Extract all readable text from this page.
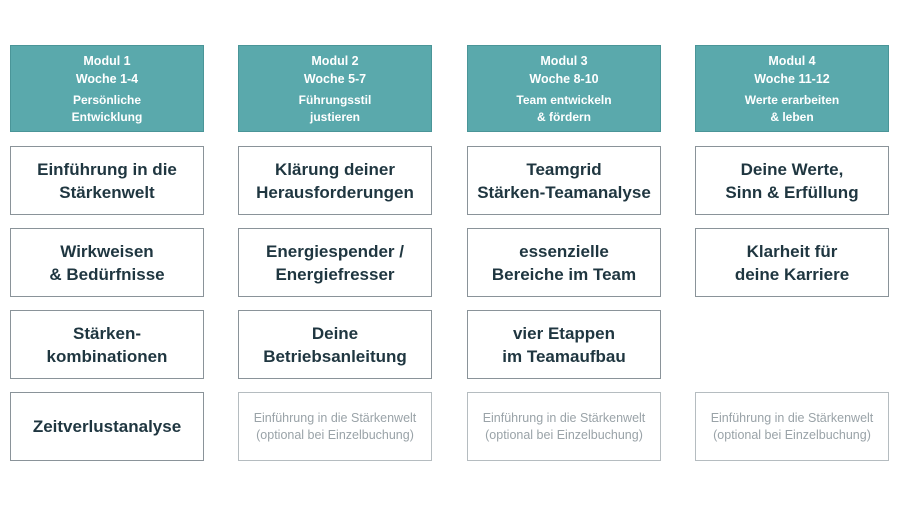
Modul 1
Woche 1-4
Persönliche
Entwicklung
Einführung in die
Stärkenwelt
Wirkweisen
& Bedürfnisse
Stärken-
kombinationen
Zeitverlustanalyse
Modul 2
Woche 5-7
Führungsstil
justieren
Klärung deiner
Herausforderungen
Energiespender /
Energiefresser
Deine
Betriebsanleitung
Einführung in die Stärkenwelt
(optional bei Einzelbuchung)
Modul 3
Woche 8-10
Team entwickeln
& fördern
Teamgrid
Stärken-Teamanalyse
essenzielle
Bereiche im Team
vier Etappen
im Teamaufbau
Einführung in die Stärkenwelt
(optional bei Einzelbuchung)
Modul 4
Woche 11-12
Werte erarbeiten
& leben
Deine Werte,
Sinn & Erfüllung
Klarheit für
deine Karriere
Einführung in die Stärkenwelt
(optional bei Einzelbuchung)
